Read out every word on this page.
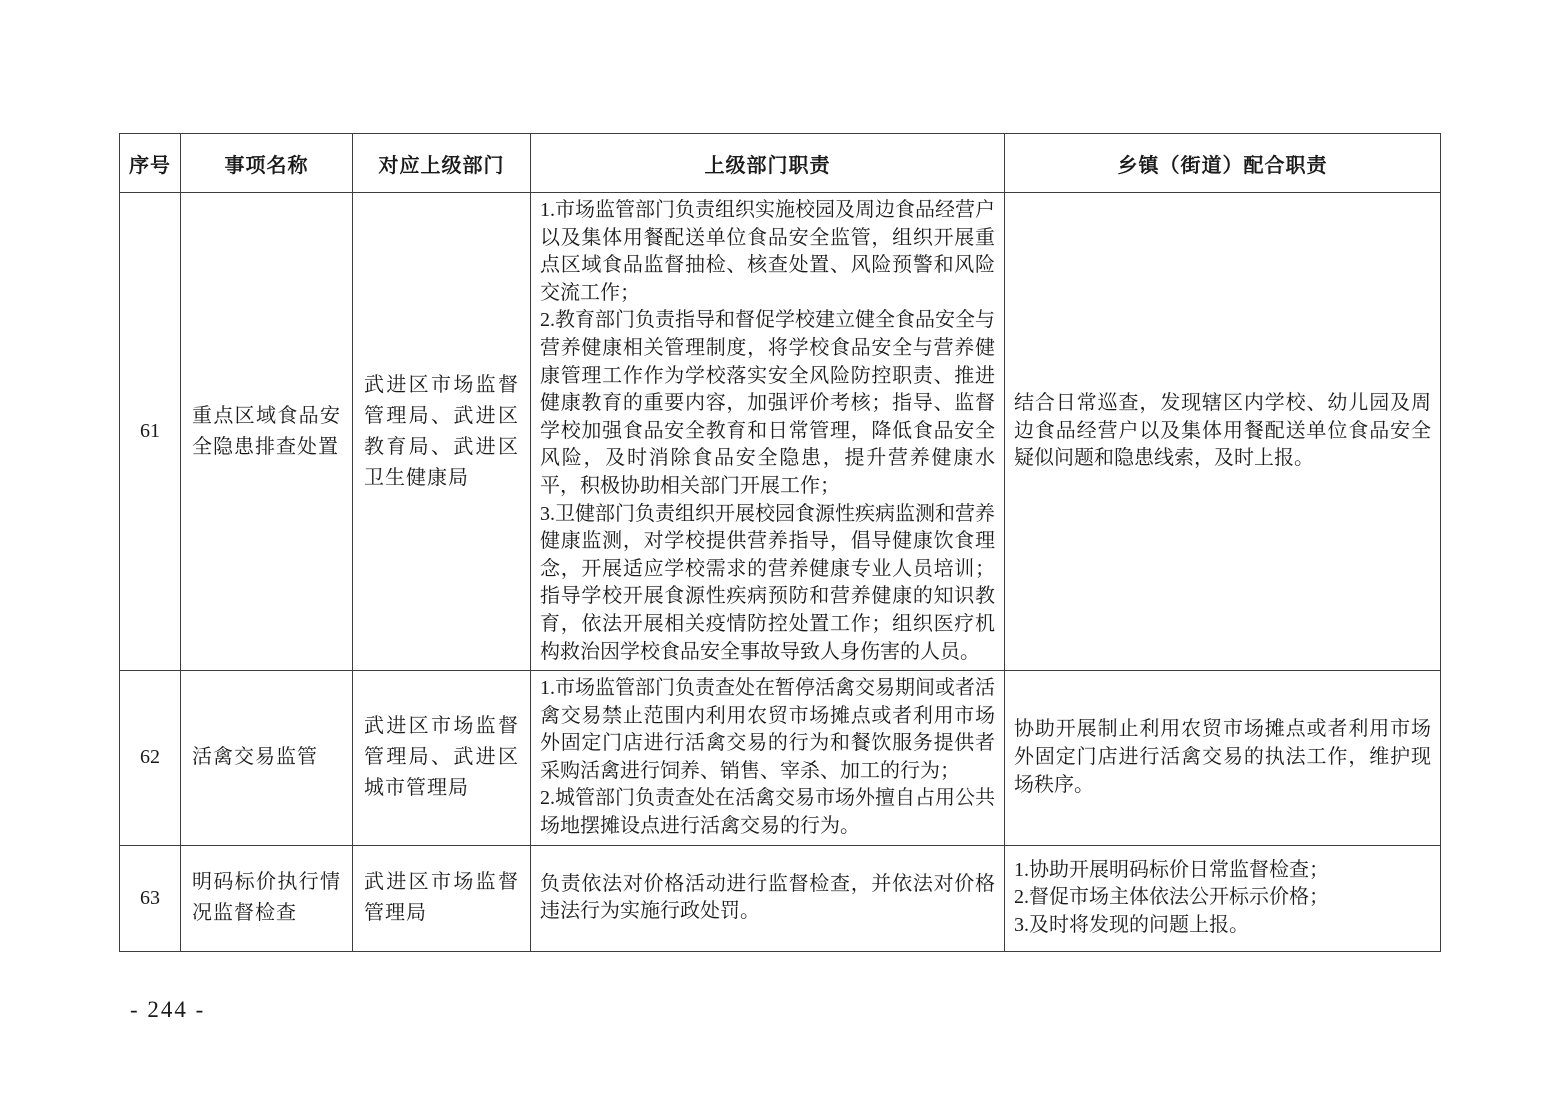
序号	事项名称	对应上级部门	上级部门职责	乡镇（街道）配合职责
61	重点区域食品安全隐患排查处置	武进区市场监督管理局、武进区教育局、武进区卫生健康局	1.市场监管部门负责组织实施校园及周边食品经营户以及集体用餐配送单位食品安全监管，组织开展重点区域食品监督抽检、核查处置、风险预警和风险交流工作；
2.教育部门负责指导和督促学校建立健全食品安全与营养健康相关管理制度，将学校食品安全与营养健康管理工作作为学校落实安全风险防控职责、推进健康教育的重要内容，加强评价考核；指导、监督学校加强食品安全教育和日常管理，降低食品安全风险，及时消除食品安全隐患，提升营养健康水平，积极协助相关部门开展工作；
3.卫健部门负责组织开展校园食源性疾病监测和营养健康监测，对学校提供营养指导，倡导健康饮食理念，开展适应学校需求的营养健康专业人员培训；指导学校开展食源性疾病预防和营养健康的知识教育，依法开展相关疫情防控处置工作；组织医疗机构救治因学校食品安全事故导致人身伤害的人员。	结合日常巡查，发现辖区内学校、幼儿园及周边食品经营户以及集体用餐配送单位食品安全疑似问题和隐患线索，及时上报。

62	活禽交易监管	武进区市场监督管理局、武进区城市管理局	1.市场监管部门负责查处在暂停活禽交易期间或者活禽交易禁止范围内利用农贸市场摊点或者利用市场外固定门店进行活禽交易的行为和餐饮服务提供者采购活禽进行饲养、销售、宰杀、加工的行为；
2.城管部门负责查处在活禽交易市场外擅自占用公共场地摆摊设点进行活禽交易的行为。	协助开展制止利用农贸市场摊点或者利用市场外固定门店进行活禽交易的执法工作，维护现场秩序。

63	明码标价执行情况监督检查	武进区市场监督管理局	负责依法对价格活动进行监督检查，并依法对价格违法行为实施行政处罚。	1.协助开展明码标价日常监督检查；
2.督促市场主体依法公开标示价格；
3.及时将发现的问题上报。
- 244 -
